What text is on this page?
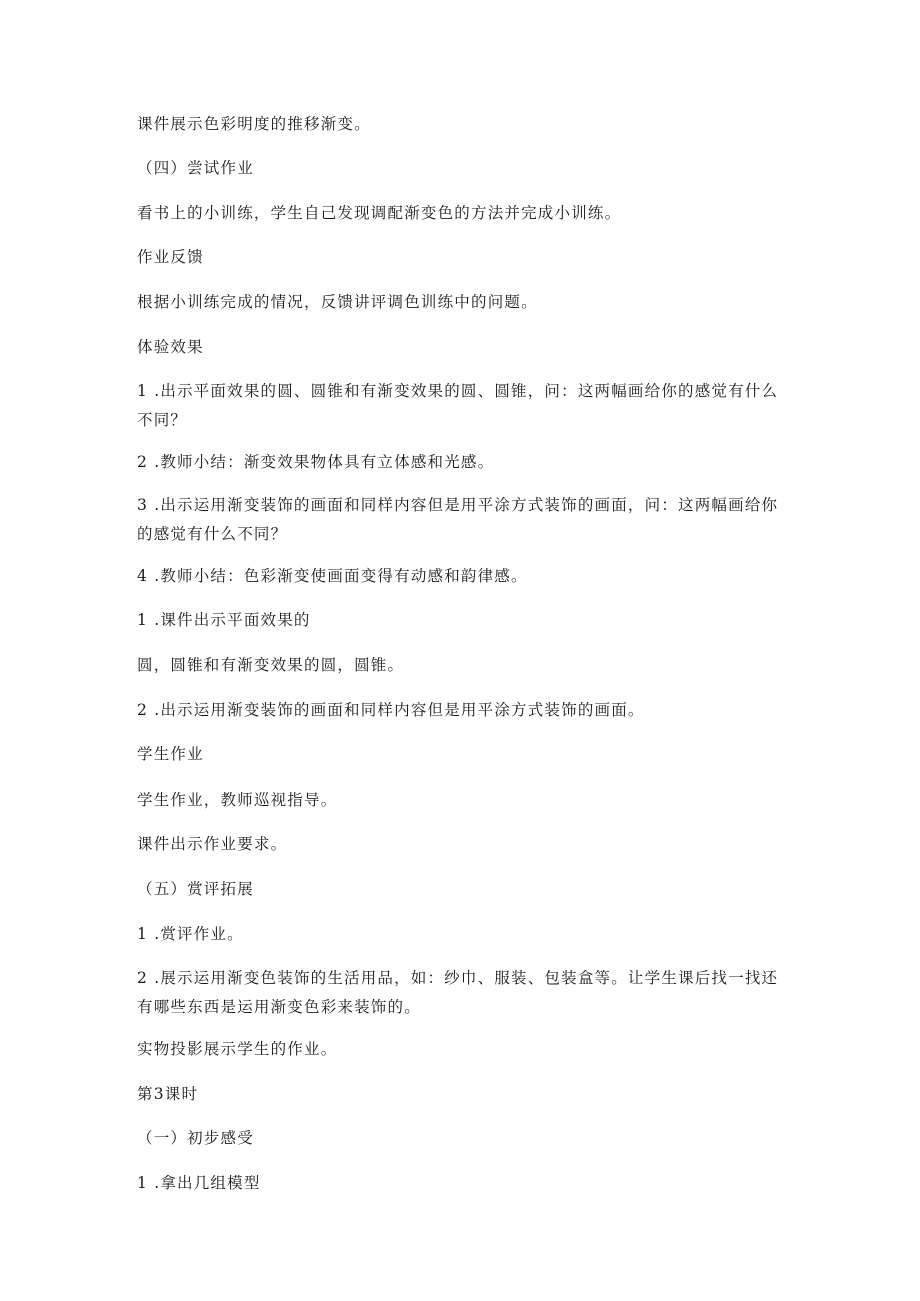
课件展示色彩明度的推移渐变。

（四）尝试作业

看书上的小训练，学生自己发现调配渐变色的方法并完成小训练。

作业反馈

根据小训练完成的情况，反馈讲评调色训练中的问题。

体验效果

1 .出示平面效果的圆、圆锥和有渐变效果的圆、圆锥，问：这两幅画给你的感觉有什么不同？

2 .教师小结：渐变效果物体具有立体感和光感。

3 .出示运用渐变装饰的画面和同样内容但是用平涂方式装饰的画面，问：这两幅画给你的感觉有什么不同？

4 .教师小结：色彩渐变使画面变得有动感和韵律感。

1 .课件出示平面效果的

圆，圆锥和有渐变效果的圆，圆锥。

2 .出示运用渐变装饰的画面和同样内容但是用平涂方式装饰的画面。

学生作业

学生作业，教师巡视指导。

课件出示作业要求。

（五）赏评拓展

1 .赏评作业。

2 .展示运用渐变色装饰的生活用品，如：纱巾、服装、包装盒等。让学生课后找一找还有哪些东西是运用渐变色彩来装饰的。

实物投影展示学生的作业。

第3课时

（一）初步感受

1 .拿出几组模型
